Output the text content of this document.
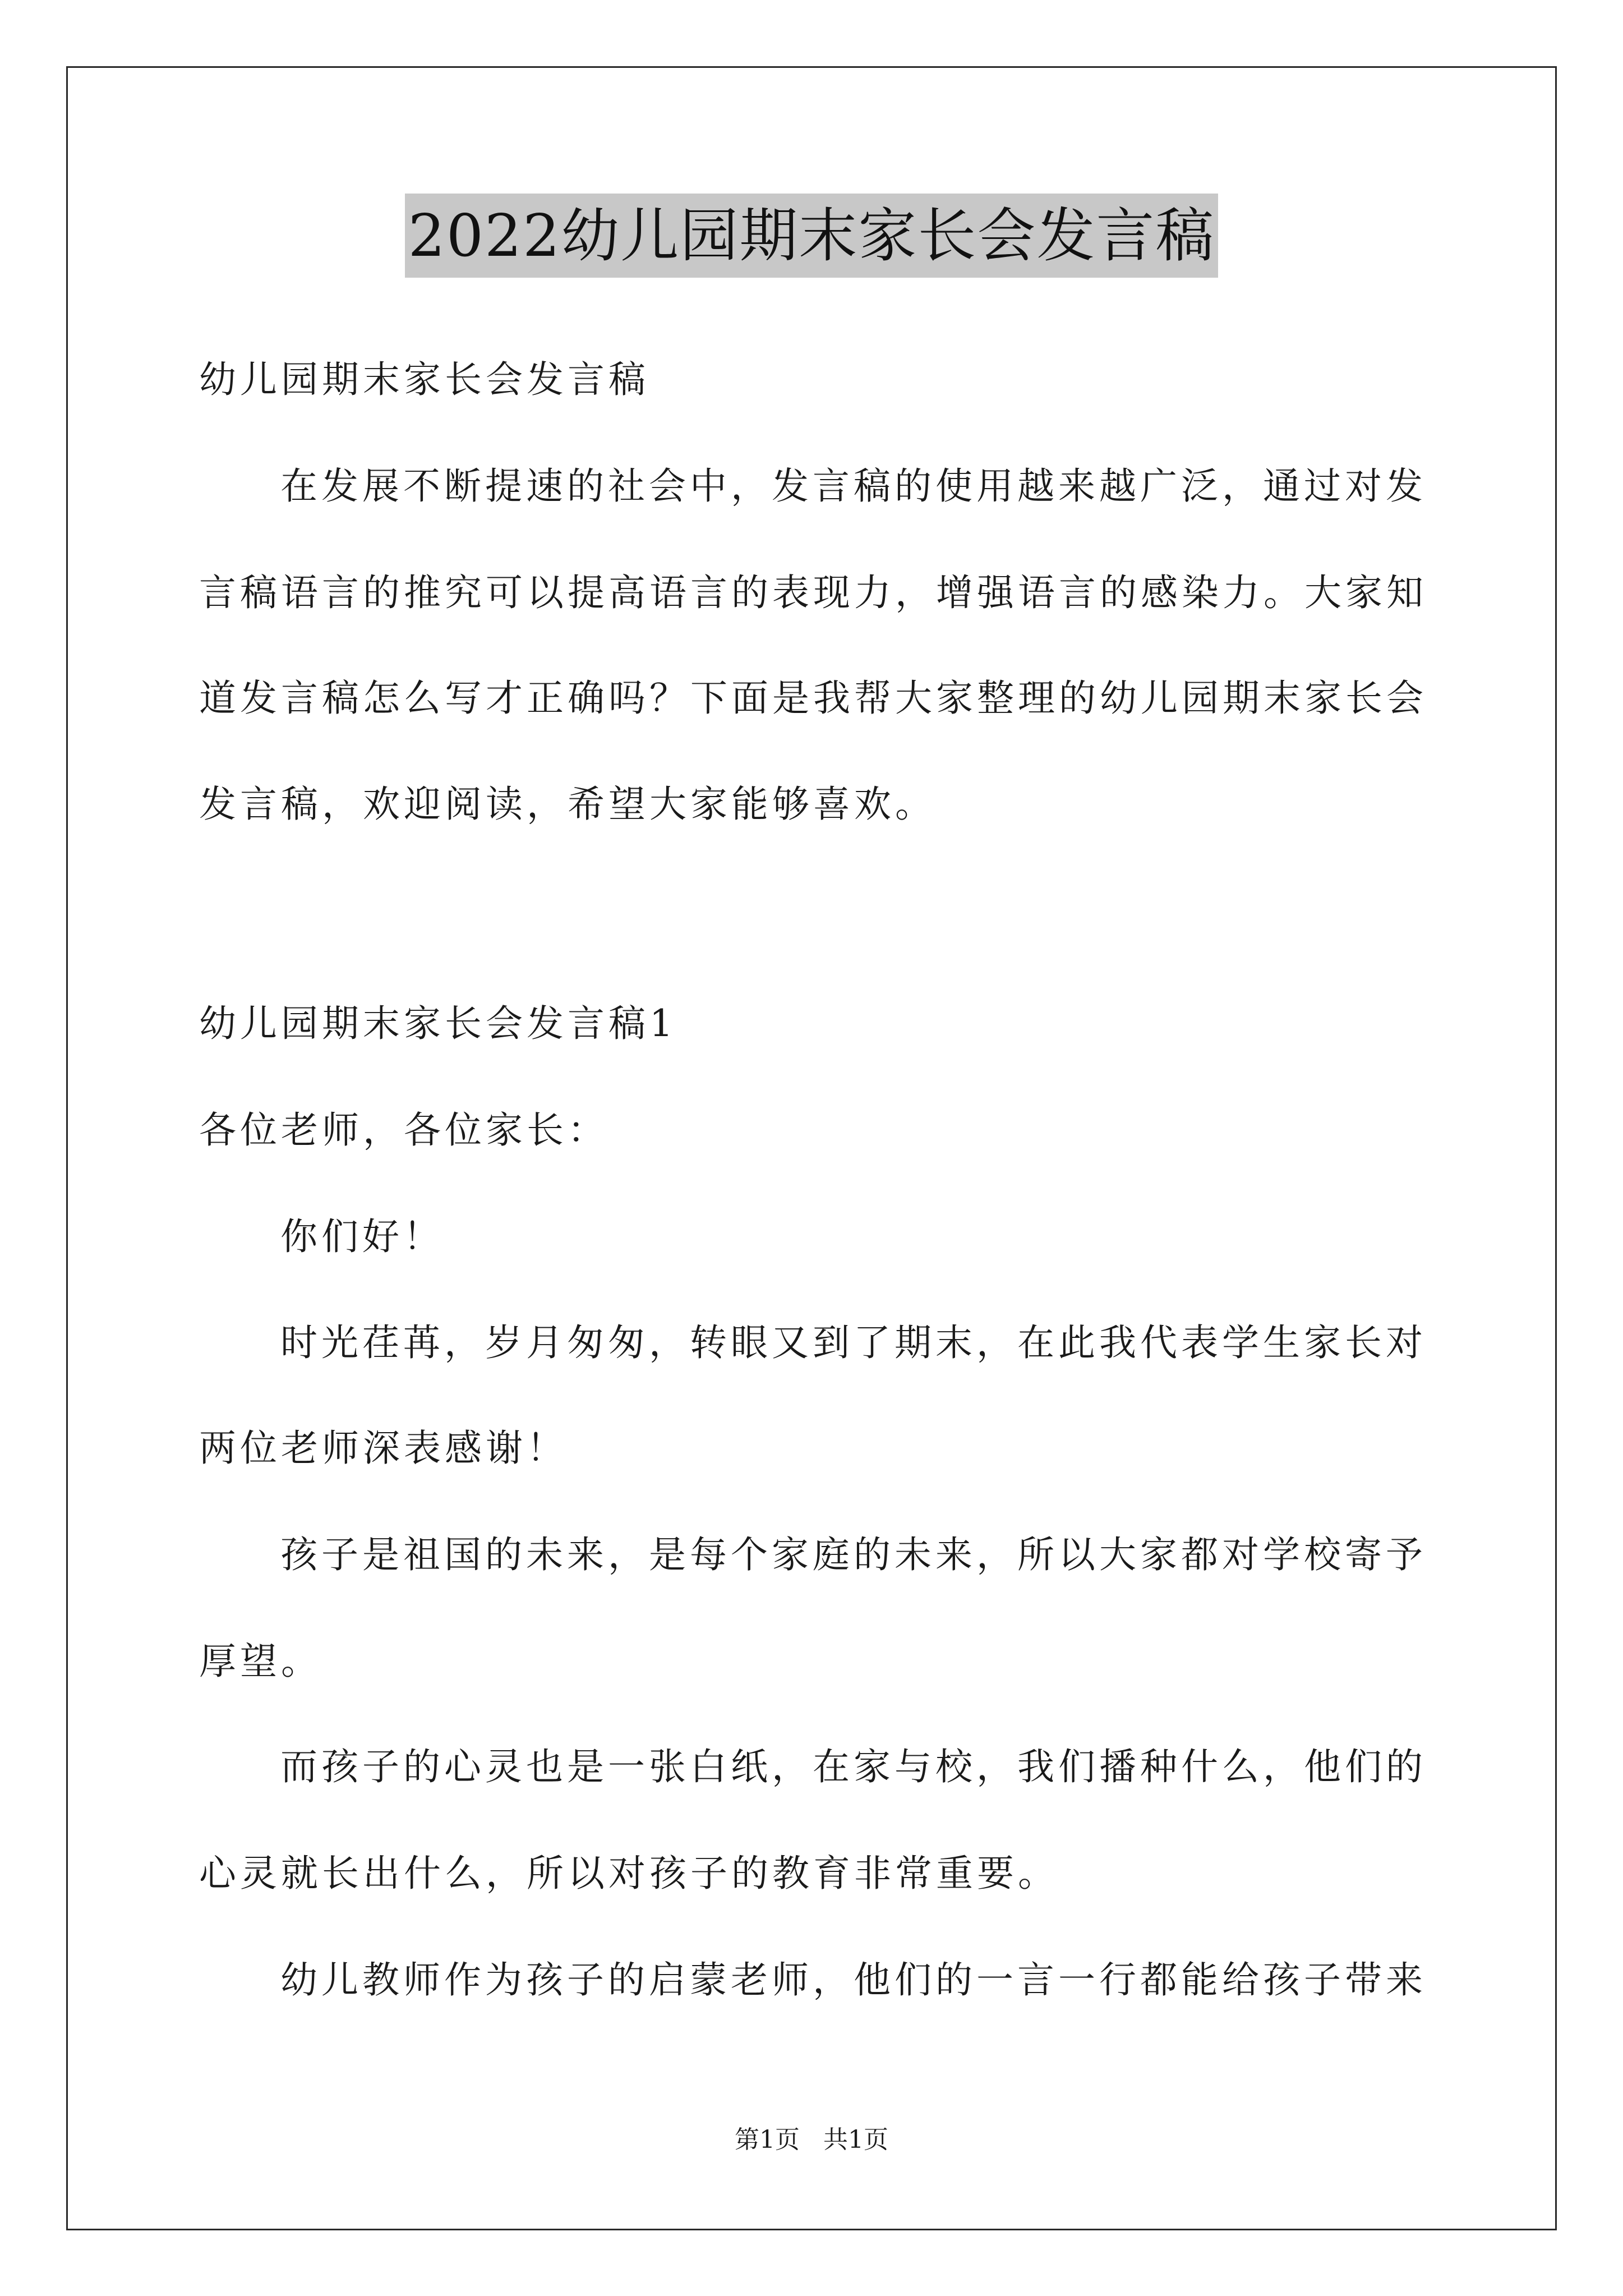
2022幼儿园期末家长会发言稿
幼儿园期末家长会发言稿
在发展不断提速的社会中，发言稿的使用越来越广泛，通过对发
言稿语言的推究可以提高语言的表现力，增强语言的感染力。大家知
道发言稿怎么写才正确吗？下面是我帮大家整理的幼儿园期末家长会
发言稿，欢迎阅读，希望大家能够喜欢。
幼儿园期末家长会发言稿1
各位老师，各位家长：
你们好！
时光荏苒，岁月匆匆，转眼又到了期末，在此我代表学生家长对
两位老师深表感谢！
孩子是祖国的未来，是每个家庭的未来，所以大家都对学校寄予
厚望。
而孩子的心灵也是一张白纸，在家与校，我们播种什么，他们的
心灵就长出什么，所以对孩子的教育非常重要。
幼儿教师作为孩子的启蒙老师，他们的一言一行都能给孩子带来
第1页   共1页
